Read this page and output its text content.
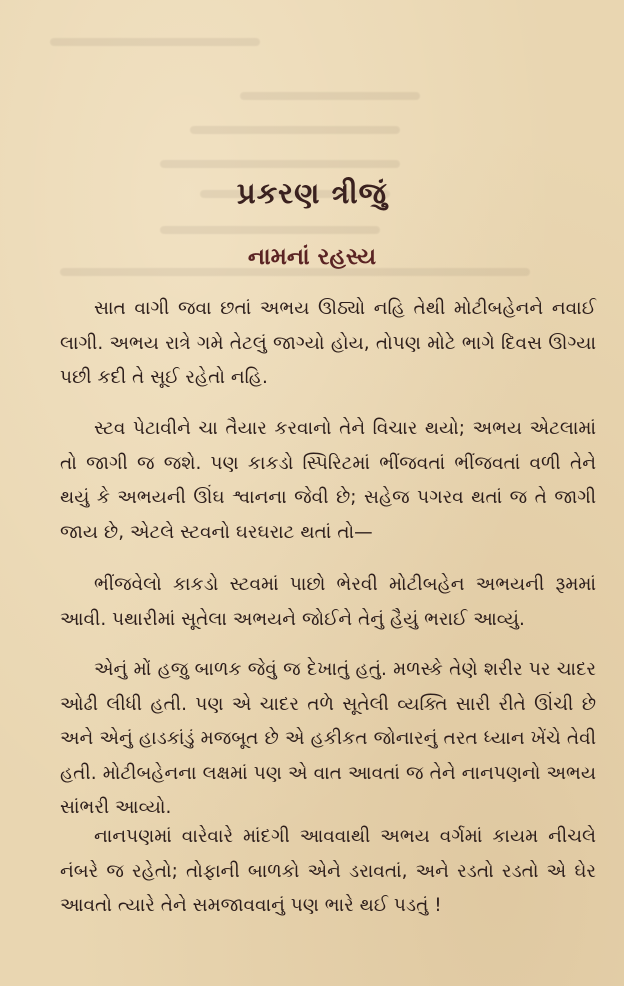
પ્રકરણ ત્રીજું
નામનાં રહસ્ય

સાત વાગી જવા છતાં અભય ઊઠ્યો નહિ તેથી મોટીબહેનને નવાઈ લાગી. અભય રાત્રે ગમે તેટલું જાગ્યો હોય, તોપણ મોટે ભાગે દિવસ ઊગ્યા પછી કદી તે સૂઈ રહેતો નહિ.

સ્ટવ પેટાવીને ચા તૈયાર કરવાનો તેને વિચાર થયો; અભય એટલામાં તો જાગી જ જશે. પણ કાકડો સ્પિરિટમાં ભીંજવતાં ભીંજવતાં વળી તેને થયું કે અભયની ઊંઘ શ્વાનના જેવી છે; સહેજ પગરવ થતાં જ તે જાગી જાય છે, એટલે સ્ટવનો ઘરઘરાટ થતાં તો—

ભીંજવેલો કાકડો સ્ટવમાં પાછો ભેરવી મોટીબહેન અભયની રૂમમાં આવી. પથારીમાં સૂતેલા અભયને જોઈને તેનું હૈયું ભરાઈ આવ્યું.

એનું મોં હજુ બાળક જેવું જ દેખાતું હતું. મળસ્કે તેણે શરીર પર ચાદર ઓઢી લીધી હતી. પણ એ ચાદર તળે સૂતેલી વ્યક્તિ સારી રીતે ઊંચી છે અને એનું હાડકાંડું મજબૂત છે એ હકીકત જોનારનું તરત ધ્યાન ખેંચે તેવી હતી. મોટીબહેનના લક્ષમાં પણ એ વાત આવતાં જ તેને નાનપણનો અભય સાંભરી આવ્યો.

નાનપણમાં વારેવારે માંદગી આવવાથી અભય વર્ગમાં કાયમ નીચલે નંબરે જ રહેતો; તોફાની બાળકો એને ડરાવતાં, અને રડતો રડતો એ ઘેર આવતો ત્યારે તેને સમજાવવાનું પણ ભારે થઈ પડતું !
